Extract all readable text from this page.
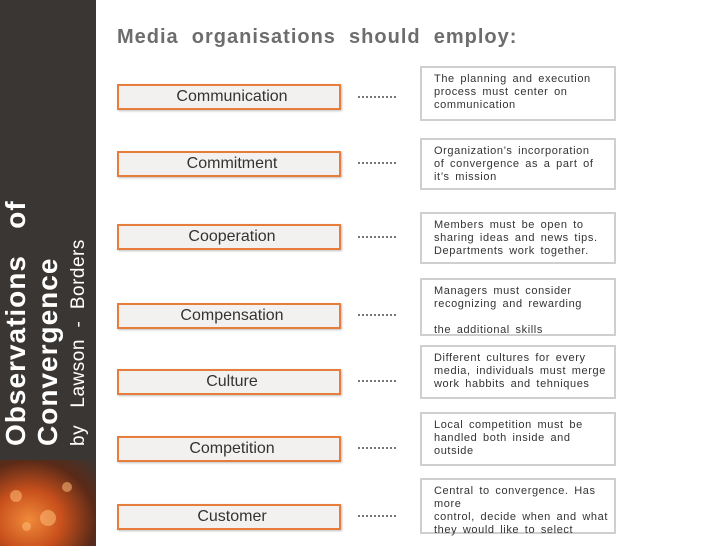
Observations   of Convergence by   Lawson  -  Borders
Media  organisations  should  employ:
Communication
The planning and execution
process must center on
communication
Commitment
Organization’s incorporation
of convergence as a part of
it’s mission
Cooperation
Members must be open to
sharing ideas and news tips.
Departments work together.
Compensation
Managers must consider
recognizing and rewarding

the additional skills
Culture
Different cultures for every
media, individuals must merge
work habbits and tehniques
Competition
Local competition must be
handled both inside and
outside
Customer
Central to convergence. Has more
control, decide when and what
they would like to select
